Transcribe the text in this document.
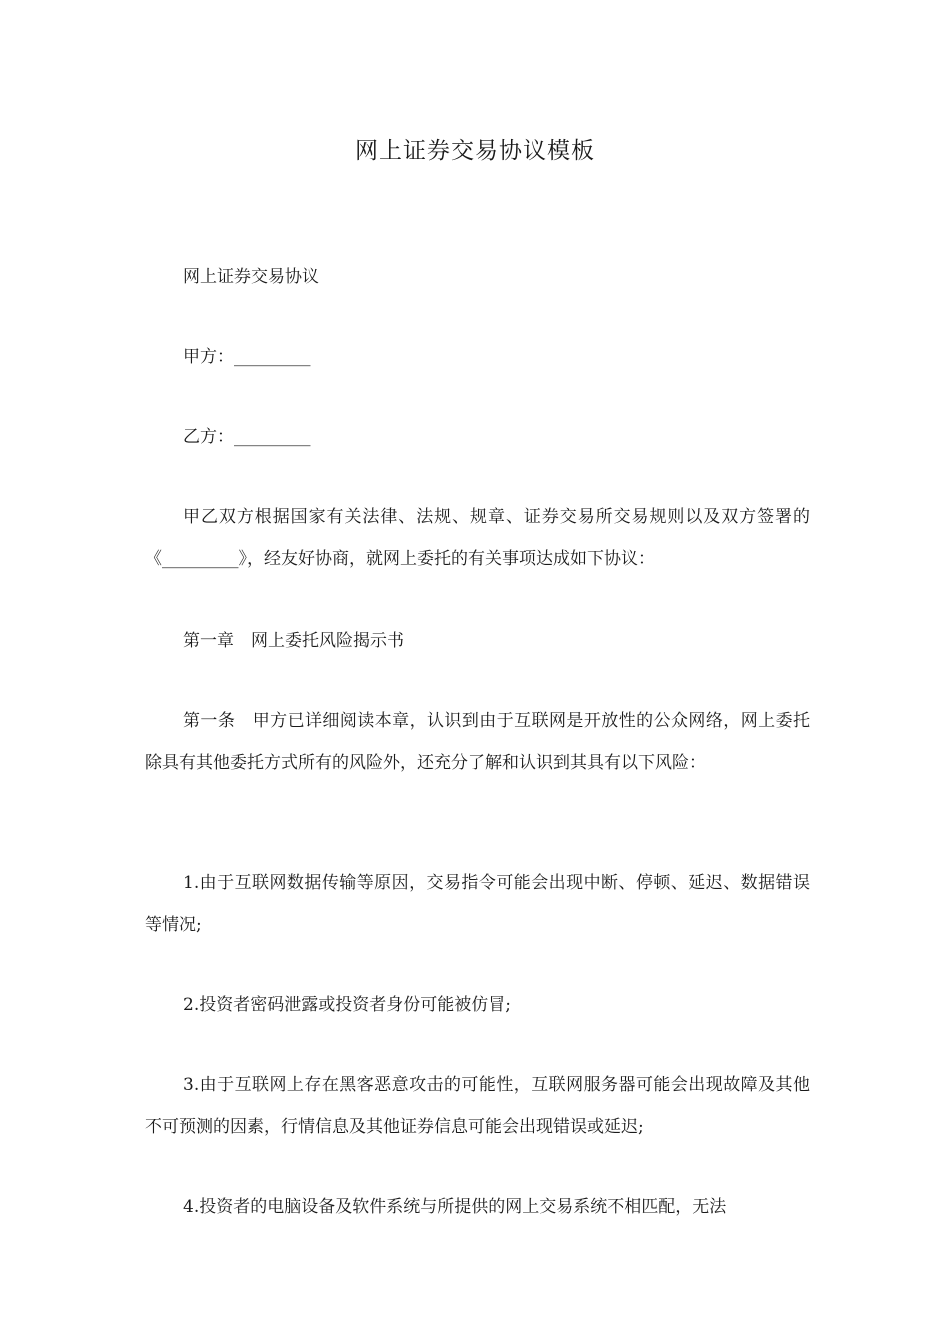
网上证券交易协议模板
网上证券交易协议
甲方：_________
乙方：_________
甲乙双方根据国家有关法律、法规、规章、证券交易所交易规则以及双方签署的《_________》，经友好协商，就网上委托的有关事项达成如下协议：
第一章　网上委托风险揭示书
第一条　甲方已详细阅读本章，认识到由于互联网是开放性的公众网络，网上委托除具有其他委托方式所有的风险外，还充分了解和认识到其具有以下风险：
1.由于互联网数据传输等原因，交易指令可能会出现中断、停顿、延迟、数据错误等情况;
2.投资者密码泄露或投资者身份可能被仿冒;
3.由于互联网上存在黑客恶意攻击的可能性，互联网服务器可能会出现故障及其他不可预测的因素，行情信息及其他证券信息可能会出现错误或延迟;
4.投资者的电脑设备及软件系统与所提供的网上交易系统不相匹配，无法
